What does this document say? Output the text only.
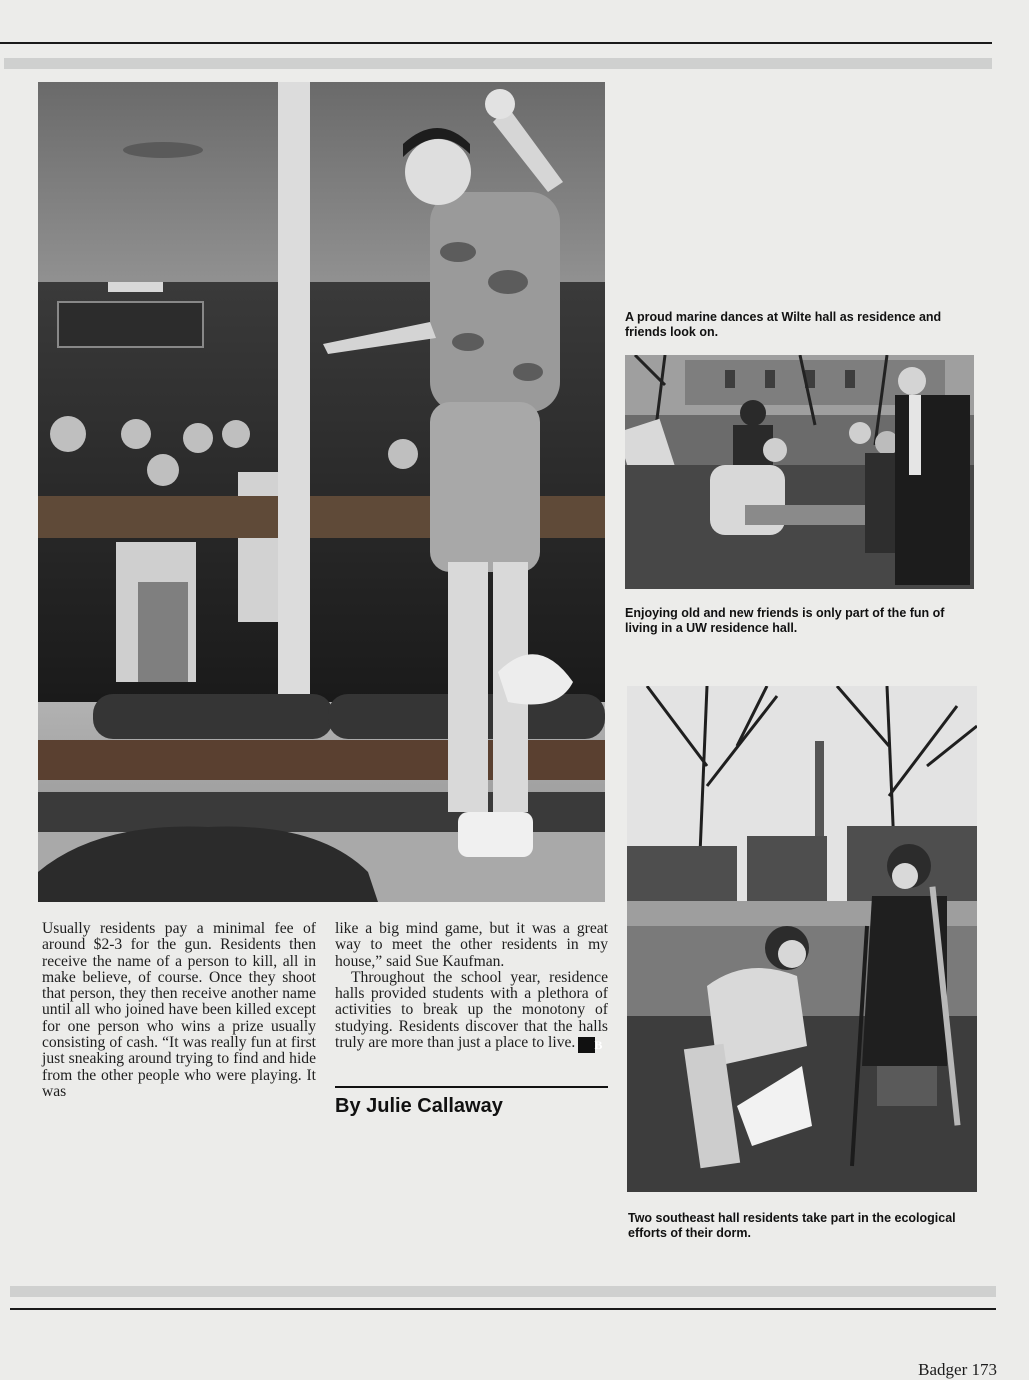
A proud marine dances at Wilte hall as residence and friends look on.
Enjoying old and new friends is only part of the fun of living in a UW residence hall.
Two southeast hall residents take part in the ecological efforts of their dorm.

Usually residents pay a minimal fee of around $2-3 for the gun. Residents then receive the name of a person to kill, all in make believe, of course. Once they shoot that person, they then receive another name until all who joined have been killed except for one person who wins a prize usually consisting of cash. “It was really fun at first just sneaking around trying to find and hide from the other people who were playing. It was

like a big mind game, but it was a great way to meet the other residents in my house,” said Sue Kaufman.

Throughout the school year, residence halls provided students with a plethora of activities to break up the monotony of studying. Residents discover that the halls truly are more than just a place to live. B

By Julie Callaway
Badger 173
